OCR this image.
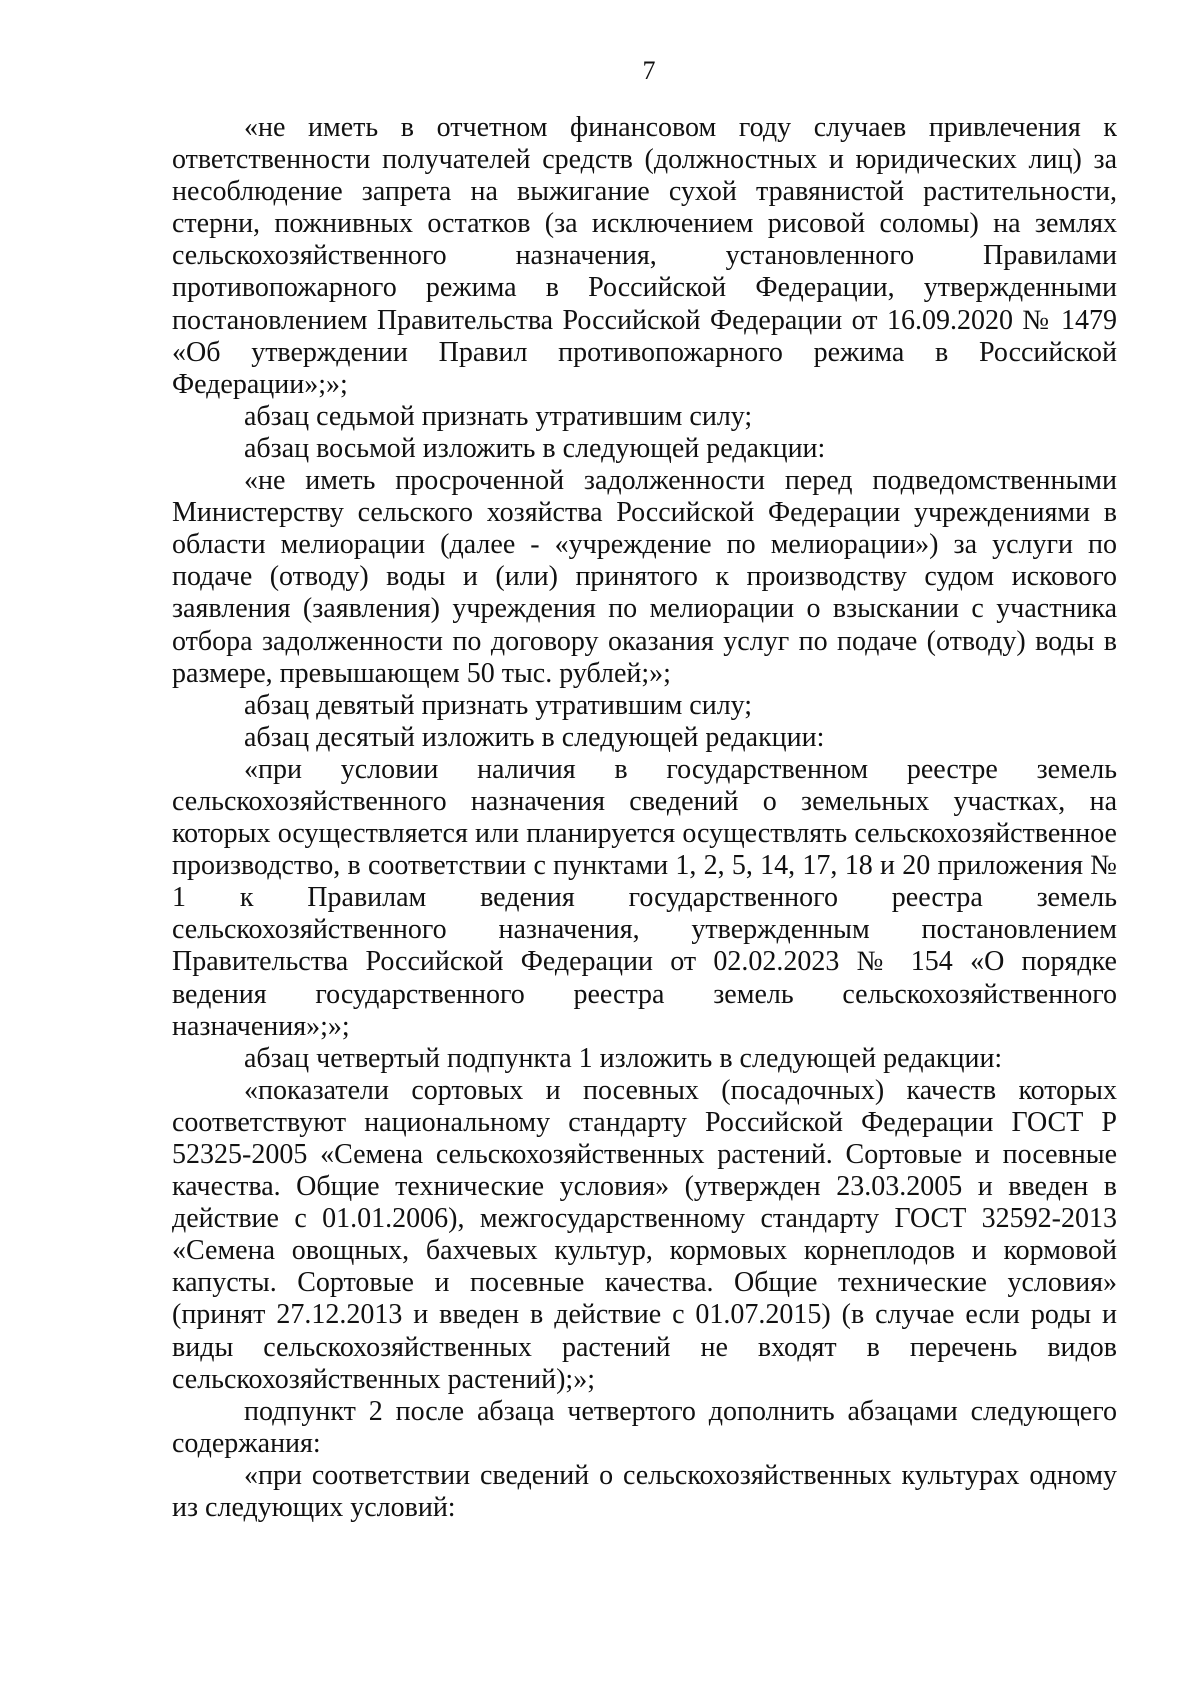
7

«не иметь в отчетном финансовом году случаев привлечения к ответственности получателей средств (должностных и юридических лиц) за несоблюдение запрета на выжигание сухой травянистой растительности, стерни, пожнивных остатков (за исключением рисовой соломы) на землях сельскохозяйственного назначения, установленного Правилами противопожарного режима в Российской Федерации, утвержденными постановлением Правительства Российской Федерации от 16.09.2020 № 1479 «Об утверждении Правил противопожарного режима в Российской Федерации»;»;

абзац седьмой признать утратившим силу;

абзац восьмой изложить в следующей редакции:

«не иметь просроченной задолженности перед подведомственными Министерству сельского хозяйства Российской Федерации учреждениями в области мелиорации (далее - «учреждение по мелиорации») за услуги по подаче (отводу) воды и (или) принятого к производству судом искового заявления (заявления) учреждения по мелиорации о взыскании с участника отбора задолженности по договору оказания услуг по подаче (отводу) воды в размере, превышающем 50 тыс. рублей;»;

абзац девятый признать утратившим силу;

абзац десятый изложить в следующей редакции:

«при условии наличия в государственном реестре земель сельскохозяйственного назначения сведений о земельных участках, на которых осуществляется или планируется осуществлять сельскохозяйственное производство, в соответствии с пунктами 1, 2, 5, 14, 17, 18 и 20 приложения № 1 к Правилам ведения государственного реестра земель сельскохозяйственного назначения, утвержденным постановлением Правительства Российской Федерации от 02.02.2023 № 154 «О порядке ведения государственного реестра земель сельскохозяйственного назначения»;»;

абзац четвертый подпункта 1 изложить в следующей редакции:

«показатели сортовых и посевных (посадочных) качеств которых соответствуют национальному стандарту Российской Федерации ГОСТ Р 52325-2005 «Семена сельскохозяйственных растений. Сортовые и посевные качества. Общие технические условия» (утвержден 23.03.2005 и введен в действие с 01.01.2006), межгосударственному стандарту ГОСТ 32592-2013 «Семена овощных, бахчевых культур, кормовых корнеплодов и кормовой капусты. Сортовые и посевные качества. Общие технические условия» (принят 27.12.2013 и введен в действие с 01.07.2015) (в случае если роды и виды сельскохозяйственных растений не входят в перечень видов сельскохозяйственных растений);»;

подпункт 2 после абзаца четвертого дополнить абзацами следующего содержания:

«при соответствии сведений о сельскохозяйственных культурах одному из следующих условий:
